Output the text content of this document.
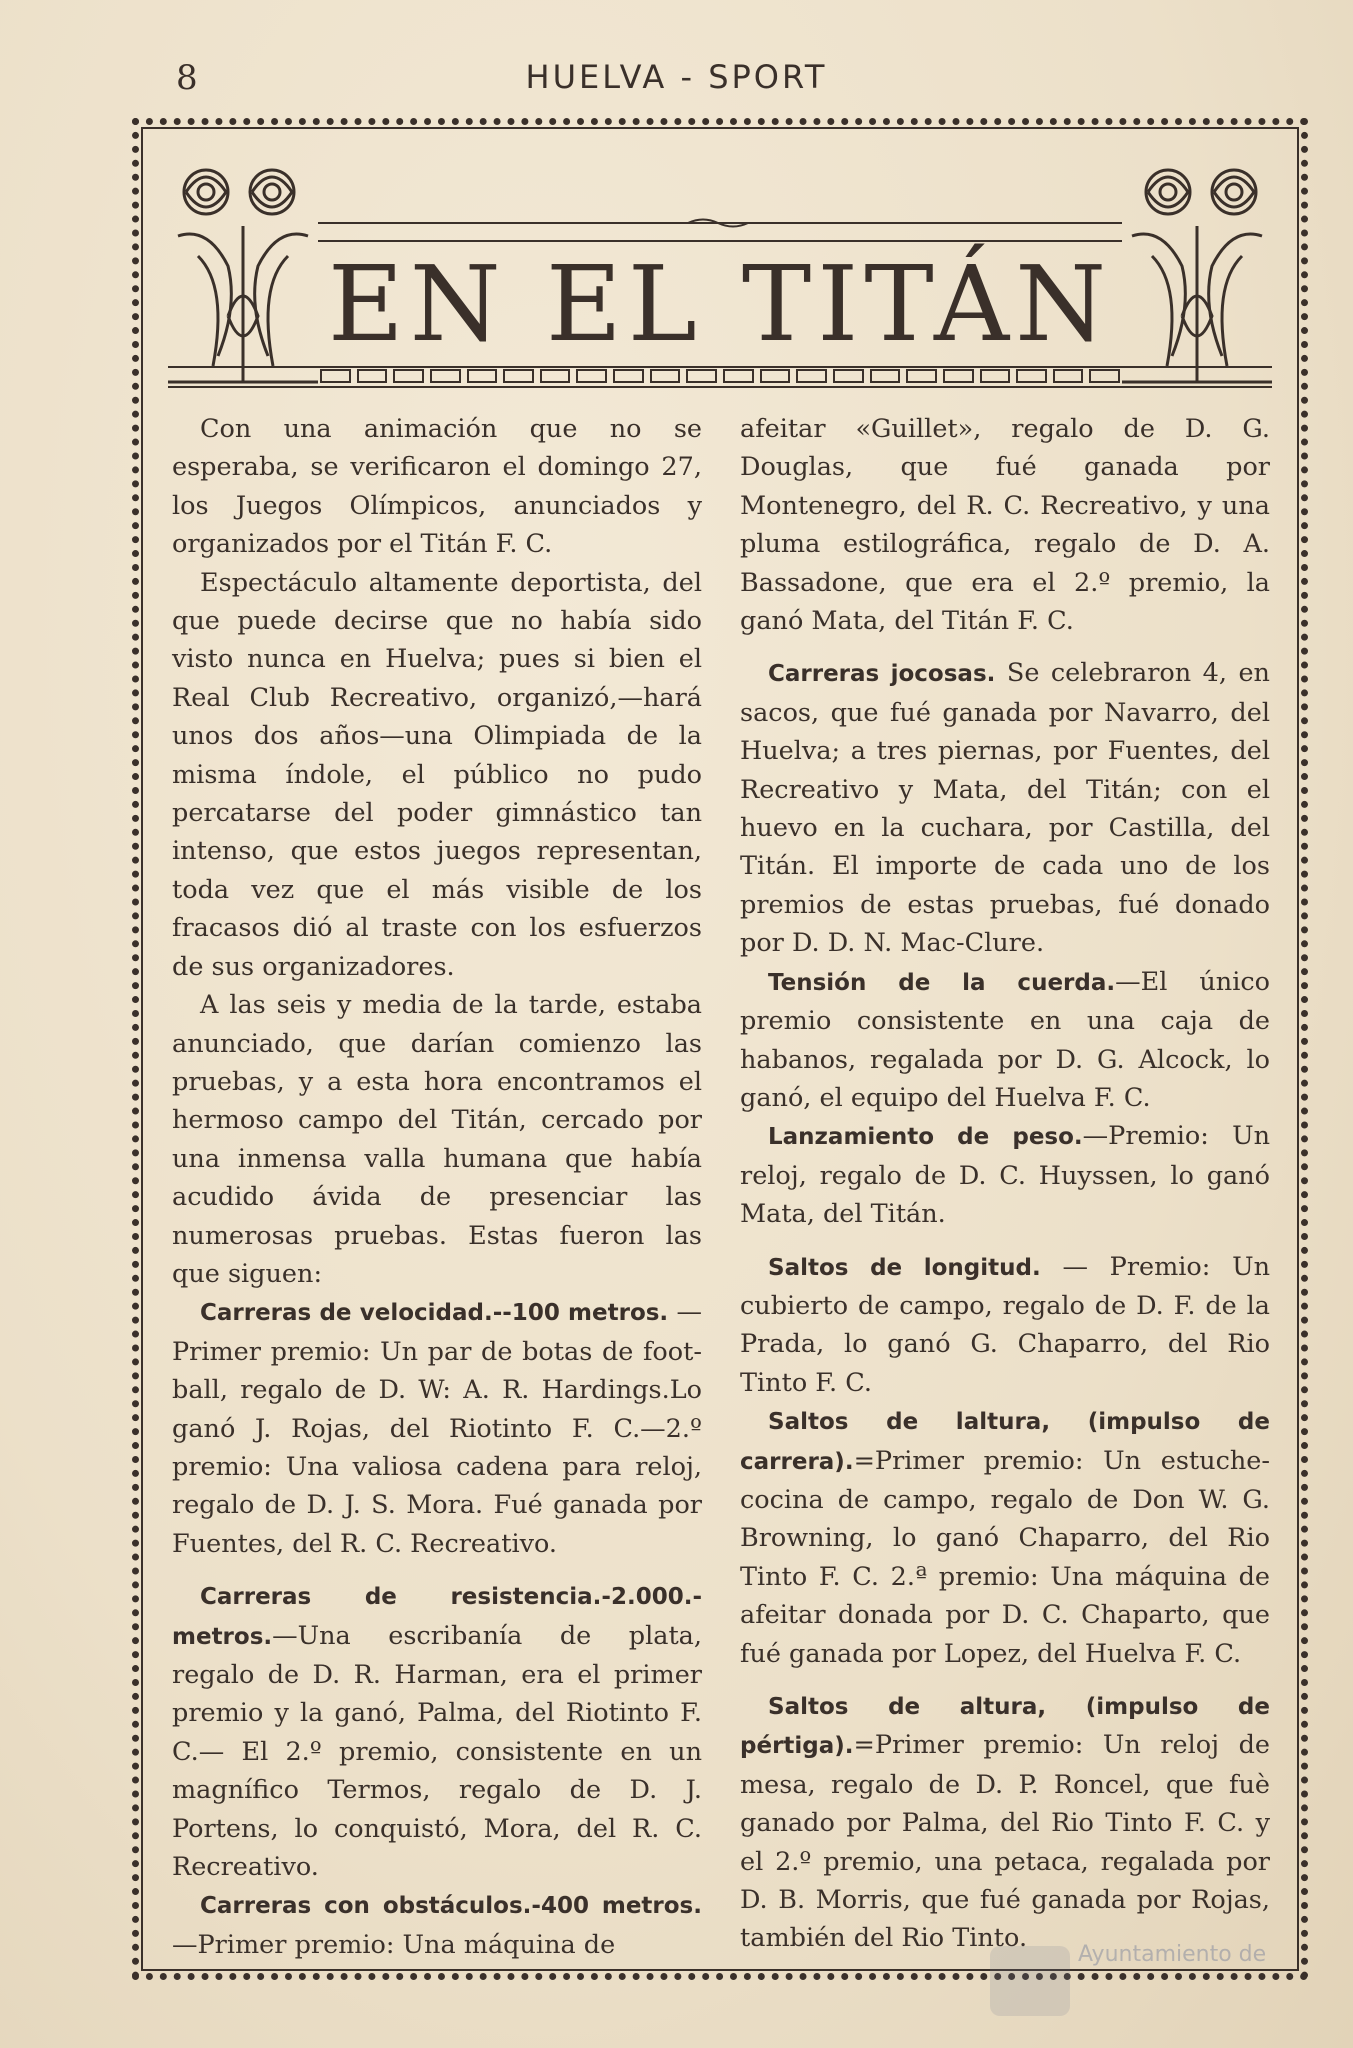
8	HUELVA - SPORT
EN EL TITÁN

Con una animación que no se esperaba, se verificaron el domingo 27, los Juegos Olímpicos, anunciados y organizados por el Titán F. C.

Espectáculo altamente deportista, del que puede decirse que no había sido visto nunca en Huelva; pues si bien el Real Club Recreativo, organizó,—hará unos dos años—una Olimpiada de la misma índole, el público no pudo percatarse del poder gimnástico tan intenso, que estos juegos representan, toda vez que el más visible de los fracasos dió al traste con los esfuerzos de sus organizadores.

A las seis y media de la tarde, estaba anunciado, que darían comienzo las pruebas, y a esta hora encontramos el hermoso campo del Titán, cercado por una inmensa valla humana que había acudido ávida de presenciar las numerosas pruebas. Estas fueron las que siguen:

Carreras de velocidad.--100 metros. —Primer premio: Un par de botas de foot-ball, regalo de D. W: A. R. Hardings.Lo ganó J. Rojas, del Riotinto F. C.—2.º premio: Una valiosa cadena para reloj, regalo de D. J. S. Mora. Fué ganada por Fuentes, del R. C. Recreativo.

Carreras de resistencia.-2.000.-metros.—Una escribanía de plata, regalo de D. R. Harman, era el primer premio y la ganó, Palma, del Riotinto F. C.— El 2.º premio, consistente en un magnífico Termos, regalo de D. J. Portens, lo conquistó, Mora, del R. C. Recreativo.

Carreras con obstáculos.-400 metros.—Primer premio: Una máquina de

afeitar «Guillet», regalo de D. G. Douglas, que fué ganada por Montenegro, del R. C. Recreativo, y una pluma estilográfica, regalo de D. A. Bassadone, que era el 2.º premio, la ganó Mata, del Titán F. C.

Carreras jocosas. Se celebraron 4, en sacos, que fué ganada por Navarro, del Huelva; a tres piernas, por Fuentes, del Recreativo y Mata, del Titán; con el huevo en la cuchara, por Castilla, del Titán. El importe de cada uno de los premios de estas pruebas, fué donado por D. D. N. Mac-Clure.

Tensión de la cuerda.—El único premio consistente en una caja de habanos, regalada por D. G. Alcock, lo ganó, el equipo del Huelva F. C.

Lanzamiento de peso.—Premio: Un reloj, regalo de D. C. Huyssen, lo ganó Mata, del Titán.

Saltos de longitud. — Premio: Un cubierto de campo, regalo de D. F. de la Prada, lo ganó G. Chaparro, del Rio Tinto F. C.

Saltos de laltura, (impulso de carrera).=Primer premio: Un estuche-cocina de campo, regalo de Don W. G. Browning, lo ganó Chaparro, del Rio Tinto F. C. 2.ª premio: Una máquina de afeitar donada por D. C. Chaparto, que fué ganada por Lopez, del Huelva F. C.

Saltos de altura, (impulso de pértiga).=Primer premio: Un reloj de mesa, regalo de D. P. Roncel, que fuè ganado por Palma, del Rio Tinto F. C. y el 2.º premio, una petaca, regalada por D. B. Morris, que fué ganada por Rojas, también del Rio Tinto.

Ayuntamiento de
